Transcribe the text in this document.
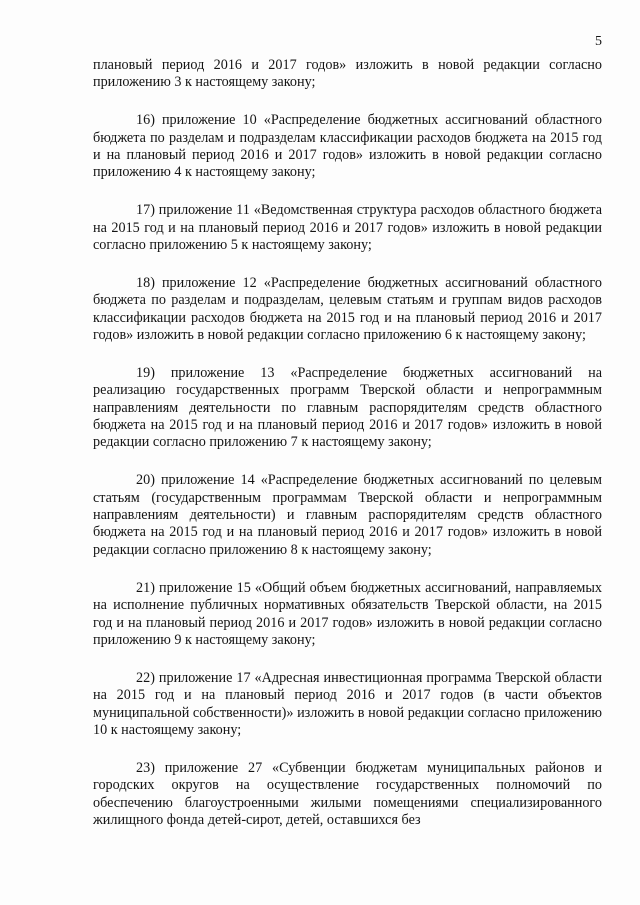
5

плановый период 2016 и 2017 годов» изложить в новой редакции согласно приложению 3 к настоящему закону;

16) приложение 10 «Распределение бюджетных ассигнований областного бюджета по разделам и подразделам классификации расходов бюджета на 2015 год и на плановый период 2016 и 2017 годов» изложить в новой редакции согласно приложению 4 к настоящему закону;

17) приложение 11 «Ведомственная структура расходов областного бюджета на 2015 год и на плановый период 2016 и 2017 годов» изложить в новой редакции согласно приложению 5 к настоящему закону;

18) приложение 12 «Распределение бюджетных ассигнований областного бюджета по разделам и подразделам, целевым статьям и группам видов расходов классификации расходов бюджета на 2015 год и на плановый период 2016 и 2017 годов» изложить в новой редакции согласно приложению 6 к настоящему закону;

19) приложение 13 «Распределение бюджетных ассигнований на реализацию государственных программ Тверской области и непрограммным направлениям деятельности по главным распорядителям средств областного бюджета на 2015 год и на плановый период 2016 и 2017 годов» изложить в новой редакции согласно приложению 7 к настоящему закону;

20) приложение 14 «Распределение бюджетных ассигнований по целевым статьям (государственным программам Тверской области и непрограммным направлениям деятельности) и главным распорядителям средств областного бюджета на 2015 год и на плановый период 2016 и 2017 годов» изложить в новой редакции согласно приложению 8 к настоящему закону;

21) приложение 15 «Общий объем бюджетных ассигнований, направляемых на исполнение публичных нормативных обязательств Тверской области, на 2015 год и на плановый период 2016 и 2017 годов» изложить в новой редакции согласно приложению 9 к настоящему закону;

22) приложение 17 «Адресная инвестиционная программа Тверской области на 2015 год и на плановый период 2016 и 2017 годов (в части объектов муниципальной собственности)» изложить в новой редакции согласно приложению 10 к настоящему закону;

23) приложение 27 «Субвенции бюджетам муниципальных районов и городских округов на осуществление государственных полномочий по обеспечению благоустроенными жилыми помещениями специализированного жилищного фонда детей-сирот, детей, оставшихся без
